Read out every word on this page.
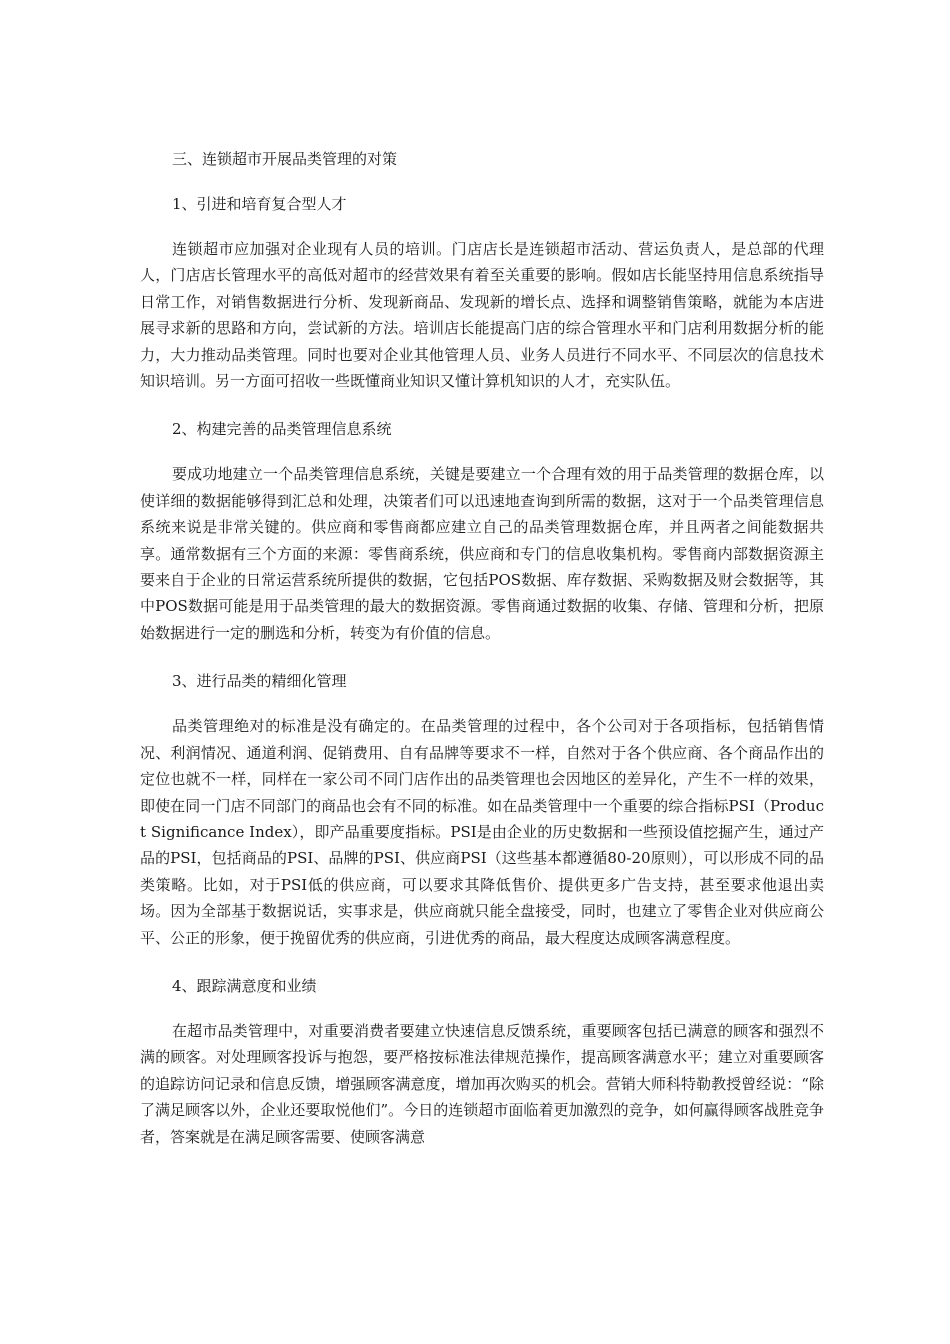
三、连锁超市开展品类管理的对策

1、引进和培育复合型人才

连锁超市应加强对企业现有人员的培训。门店店长是连锁超市活动、营运负责人，是总部的代理人，门店店长管理水平的高低对超市的经营效果有着至关重要的影响。假如店长能坚持用信息系统指导日常工作，对销售数据进行分析、发现新商品、发现新的增长点、选择和调整销售策略，就能为本店进展寻求新的思路和方向，尝试新的方法。培训店长能提高门店的综合管理水平和门店利用数据分析的能力，大力推动品类管理。同时也要对企业其他管理人员、业务人员进行不同水平、不同层次的信息技术知识培训。另一方面可招收一些既懂商业知识又懂计算机知识的人才，充实队伍。

2、构建完善的品类管理信息系统

要成功地建立一个品类管理信息系统，关键是要建立一个合理有效的用于品类管理的数据仓库，以使详细的数据能够得到汇总和处理，决策者们可以迅速地查询到所需的数据，这对于一个品类管理信息系统来说是非常关键的。供应商和零售商都应建立自己的品类管理数据仓库，并且两者之间能数据共享。通常数据有三个方面的来源：零售商系统，供应商和专门的信息收集机构。零售商内部数据资源主要来自于企业的日常运营系统所提供的数据，它包括POS数据、库存数据、采购数据及财会数据等，其中POS数据可能是用于品类管理的最大的数据资源。零售商通过数据的收集、存储、管理和分析，把原始数据进行一定的删选和分析，转变为有价值的信息。

3、进行品类的精细化管理

品类管理绝对的标准是没有确定的。在品类管理的过程中，各个公司对于各项指标，包括销售情况、利润情况、通道利润、促销费用、自有品牌等要求不一样，自然对于各个供应商、各个商品作出的定位也就不一样，同样在一家公司不同门店作出的品类管理也会因地区的差异化，产生不一样的效果，即使在同一门店不同部门的商品也会有不同的标准。如在品类管理中一个重要的综合指标PSI（Product Significance Index），即产品重要度指标。PSI是由企业的历史数据和一些预设值挖掘产生，通过产品的PSI，包括商品的PSI、品牌的PSI、供应商PSI（这些基本都遵循80-20原则），可以形成不同的品类策略。比如，对于PSI低的供应商，可以要求其降低售价、提供更多广告支持，甚至要求他退出卖场。因为全部基于数据说话，实事求是，供应商就只能全盘接受，同时，也建立了零售企业对供应商公平、公正的形象，便于挽留优秀的供应商，引进优秀的商品，最大程度达成顾客满意程度。

4、跟踪满意度和业绩

在超市品类管理中，对重要消费者要建立快速信息反馈系统，重要顾客包括已满意的顾客和强烈不满的顾客。对处理顾客投诉与抱怨，要严格按标准法律规范操作，提高顾客满意水平；建立对重要顾客的追踪访问记录和信息反馈，增强顾客满意度，增加再次购买的机会。营销大师科特勒教授曾经说：“除了满足顾客以外，企业还要取悦他们”。今日的连锁超市面临着更加激烈的竞争，如何赢得顾客战胜竞争者，答案就是在满足顾客需要、使顾客满意
